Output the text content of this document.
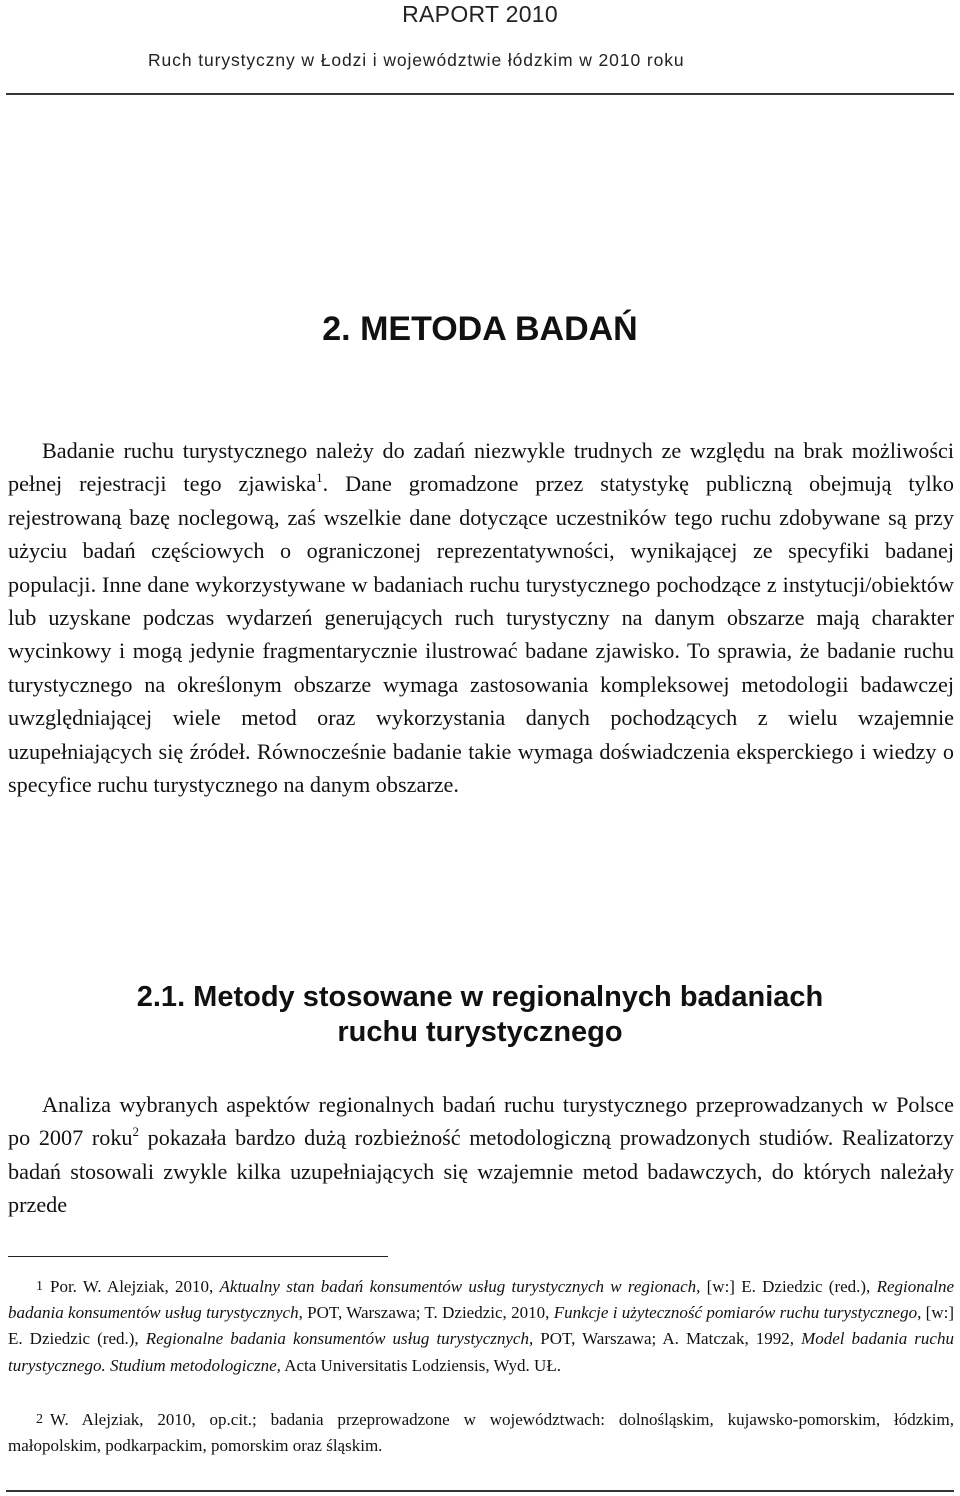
RAPORT 2010
Ruch turystyczny w Łodzi i województwie łódzkim w 2010 roku
2. METODA BADAŃ

Badanie ruchu turystycznego należy do zadań niezwykle trudnych ze względu na brak możliwości pełnej rejestracji tego zjawiska$^1$. Dane gromadzone przez statystykę publiczną obejmują tylko rejestrowaną bazę noclegową, zaś wszelkie dane dotyczące uczestników tego ruchu zdobywane są przy użyciu badań częściowych o ograniczonej reprezentatywności, wynikającej ze specyfiki badanej populacji. Inne dane wykorzystywane w badaniach ruchu turystycznego pochodzące z instytucji/obiektów lub uzyskane podczas wydarzeń generujących ruch turystyczny na danym obszarze mają charakter wycinkowy i mogą jedynie fragmentarycznie ilustrować badane zjawisko. To sprawia, że badanie ruchu turystycznego na określonym obszarze wymaga zastosowania kompleksowej metodologii badawczej uwzględniającej wiele metod oraz wykorzystania danych pochodzących z wielu wzajemnie uzupełniających się źródeł. Równocześnie badanie takie wymaga doświadczenia eksperckiego i wiedzy o specyfice ruchu turystycznego na danym obszarze.

2.1. Metody stosowane w regionalnych badaniach
ruchu turystycznego

Analiza wybranych aspektów regionalnych badań ruchu turystycznego przeprowadzanych w Polsce po 2007 roku$^2$ pokazała bardzo dużą rozbieżność metodologiczną prowadzonych studiów. Realizatorzy badań stosowali zwykle kilka uzupełniających się wzajemnie metod badawczych, do których należały przede

1 Por. W. Alejziak, 2010, Aktualny stan badań konsumentów usług turystycznych w regionach, [w:] E. Dziedzic (red.), Regionalne badania konsumentów usług turystycznych, POT, Warszawa; T. Dziedzic, 2010, Funkcje i użyteczność pomiarów ruchu turystycznego, [w:] E. Dziedzic (red.), Regionalne badania konsumentów usług turystycznych, POT, Warszawa; A. Matczak, 1992, Model badania ruchu turystycznego. Studium metodologiczne, Acta Universitatis Lodziensis, Wyd. UŁ.

2 W. Alejziak, 2010, op.cit.; badania przeprowadzone w województwach: dolnośląskim, kujawsko-pomorskim, łódzkim, małopolskim, podkarpackim, pomorskim oraz śląskim.
